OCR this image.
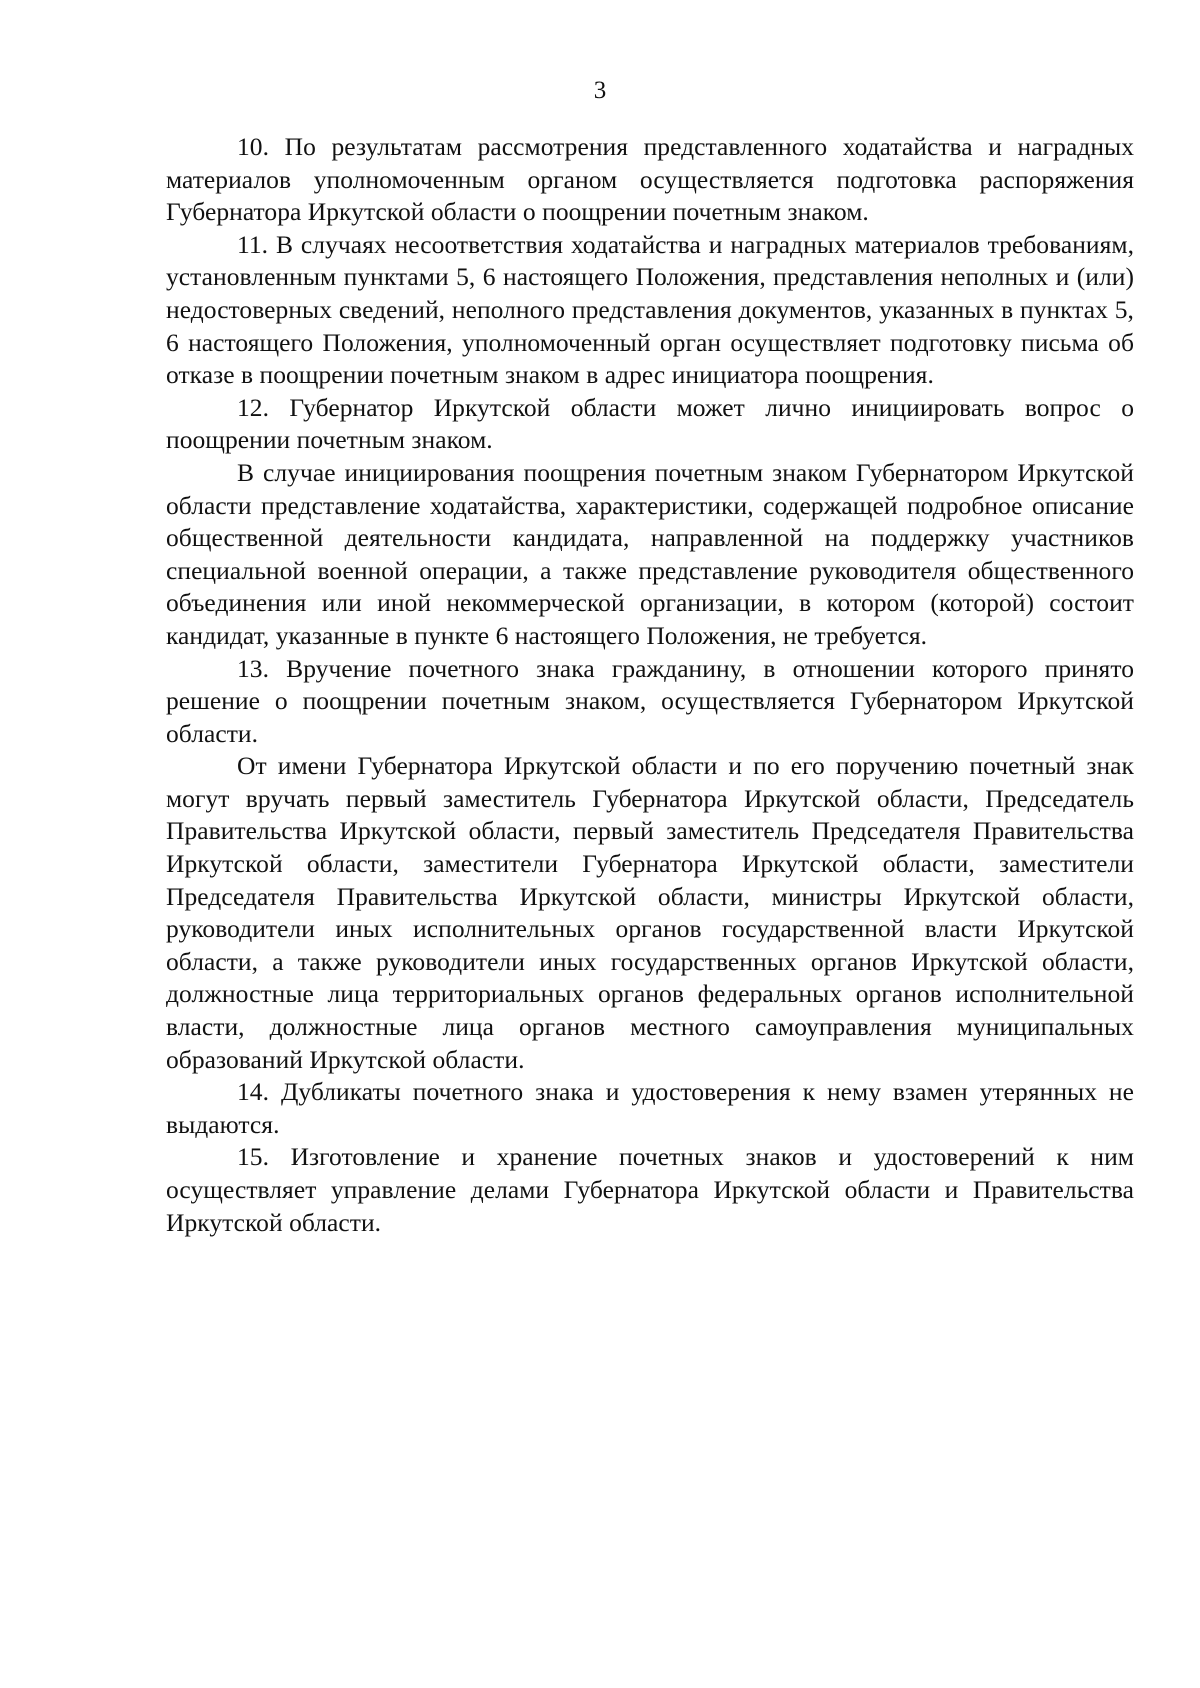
3

10. По результатам рассмотрения представленного ходатайства и наградных материалов уполномоченным органом осуществляется подготовка распоряжения Губернатора Иркутской области о поощрении почетным знаком.

11. В случаях несоответствия ходатайства и наградных материалов требованиям, установленным пунктами 5, 6 настоящего Положения, представления неполных и (или) недостоверных сведений, неполного представления документов, указанных в пунктах 5, 6 настоящего Положения, уполномоченный орган осуществляет подготовку письма об отказе в поощрении почетным знаком в адрес инициатора поощрения.

12. Губернатор Иркутской области может лично инициировать вопрос о поощрении почетным знаком.

В случае инициирования поощрения почетным знаком Губернатором Иркутской области представление ходатайства, характеристики, содержащей подробное описание общественной деятельности кандидата, направленной на поддержку участников специальной военной операции, а также представление руководителя общественного объединения или иной некоммерческой организации, в котором (которой) состоит кандидат, указанные в пункте 6 настоящего Положения, не требуется.

13. Вручение почетного знака гражданину, в отношении которого принято решение о поощрении почетным знаком, осуществляется Губернатором Иркутской области.

От имени Губернатора Иркутской области и по его поручению почетный знак могут вручать первый заместитель Губернатора Иркутской области, Председатель Правительства Иркутской области, первый заместитель Председателя Правительства Иркутской области, заместители Губернатора Иркутской области, заместители Председателя Правительства Иркутской области, министры Иркутской области, руководители иных исполнительных органов государственной власти Иркутской области, а также руководители иных государственных органов Иркутской области, должностные лица территориальных органов федеральных органов исполнительной власти, должностные лица органов местного самоуправления муниципальных образований Иркутской области.

14. Дубликаты почетного знака и удостоверения к нему взамен утерянных не выдаются.

15. Изготовление и хранение почетных знаков и удостоверений к ним осуществляет управление делами Губернатора Иркутской области и Правительства Иркутской области.
